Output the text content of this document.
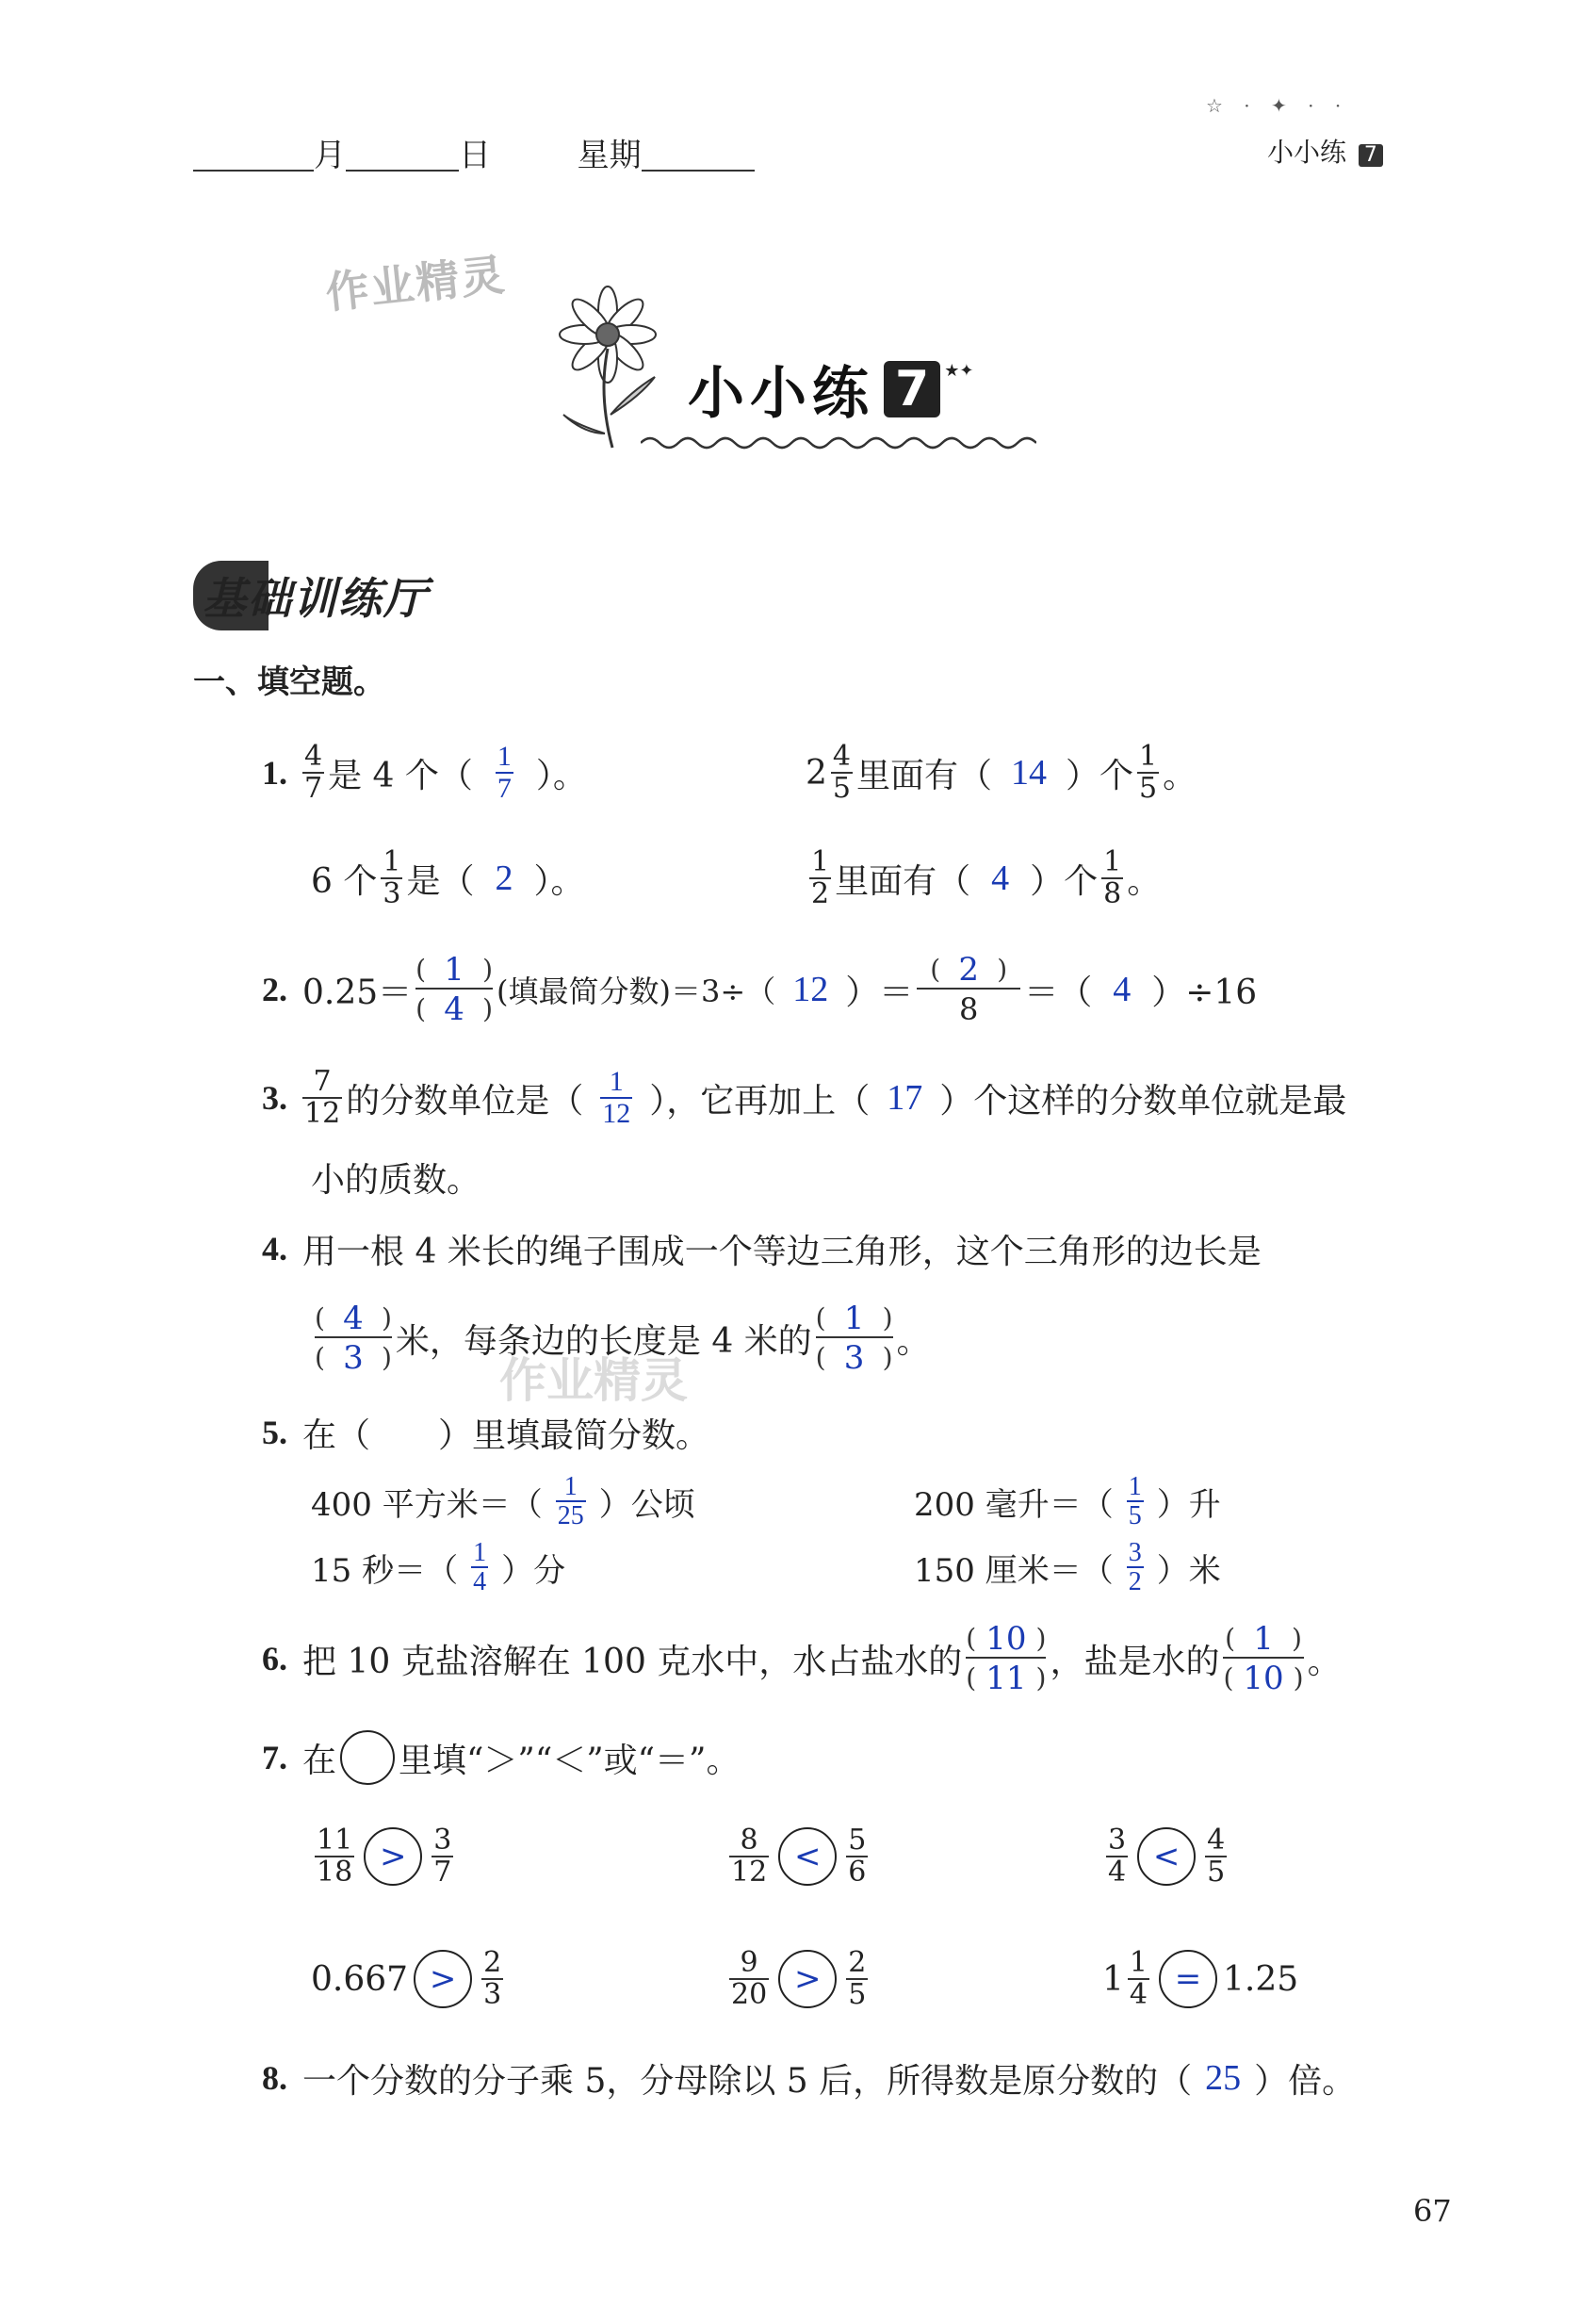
月	日	星期
☆ · ✦ · ·
小小练 7
作业精灵
小小练 7 ★✦
基础训练厅
一、填空题。
1. $\frac{4}{7}$ 是 4 个（ $\frac{1}{7}$ ）。	$2 \frac{4}{5}$ 里面有（ 14 ）个 $\frac{1}{5}$ 。
6 个 $\frac{1}{3}$ 是（ 2 ）。	$\frac{1}{2}$ 里面有（ 4 ）个 $\frac{1}{8}$ 。
2. $0.25= \frac{( 1 )}{( 4 )}$ (填最简分数)＝3÷（ 12 ）＝ $\frac{( 2 )}{8}$ ＝（ 4 ）÷16
3. $\frac{7}{12}$ 的分数单位是（ $\frac{1}{12}$ ），它再加上（ 17 ）个这样的分数单位就是最
小的质数。
4. 用一根 4 米长的绳子围成一个等边三角形，这个三角形的边长是
$\frac{( 4 )}{( 3 )}$ 米，每条边的长度是 4 米的 $\frac{( 1 )}{( 3 )}$ 。
作业精灵
5. 在（　　）里填最简分数。
400 平方米＝（ $\frac{1}{25}$ ）公顷	200 毫升＝（ $\frac{1}{5}$ ）升
15 秒＝（ $\frac{1}{4}$ ）分	150 厘米＝（ $\frac{3}{2}$ ）米
6. 把 10 克盐溶解在 100 克水中，水占盐水的 $\frac{( 10 )}{( 11 )}$ ，盐是水的 $\frac{( 1 )}{( 10 )}$ 。
7. 在 里填“＞”“＜”或“＝”。
$\frac{11}{18} > \frac{3}{7}$	$\frac{8}{12} < \frac{5}{6}$	$\frac{3}{4} < \frac{4}{5}$
$0.667 > \frac{2}{3}$	$\frac{9}{20} > \frac{2}{5}$	$1 \frac{1}{4} = 1.25$
8. 一个分数的分子乘 5，分母除以 5 后，所得数是原分数的（ 25 ）倍。
67
